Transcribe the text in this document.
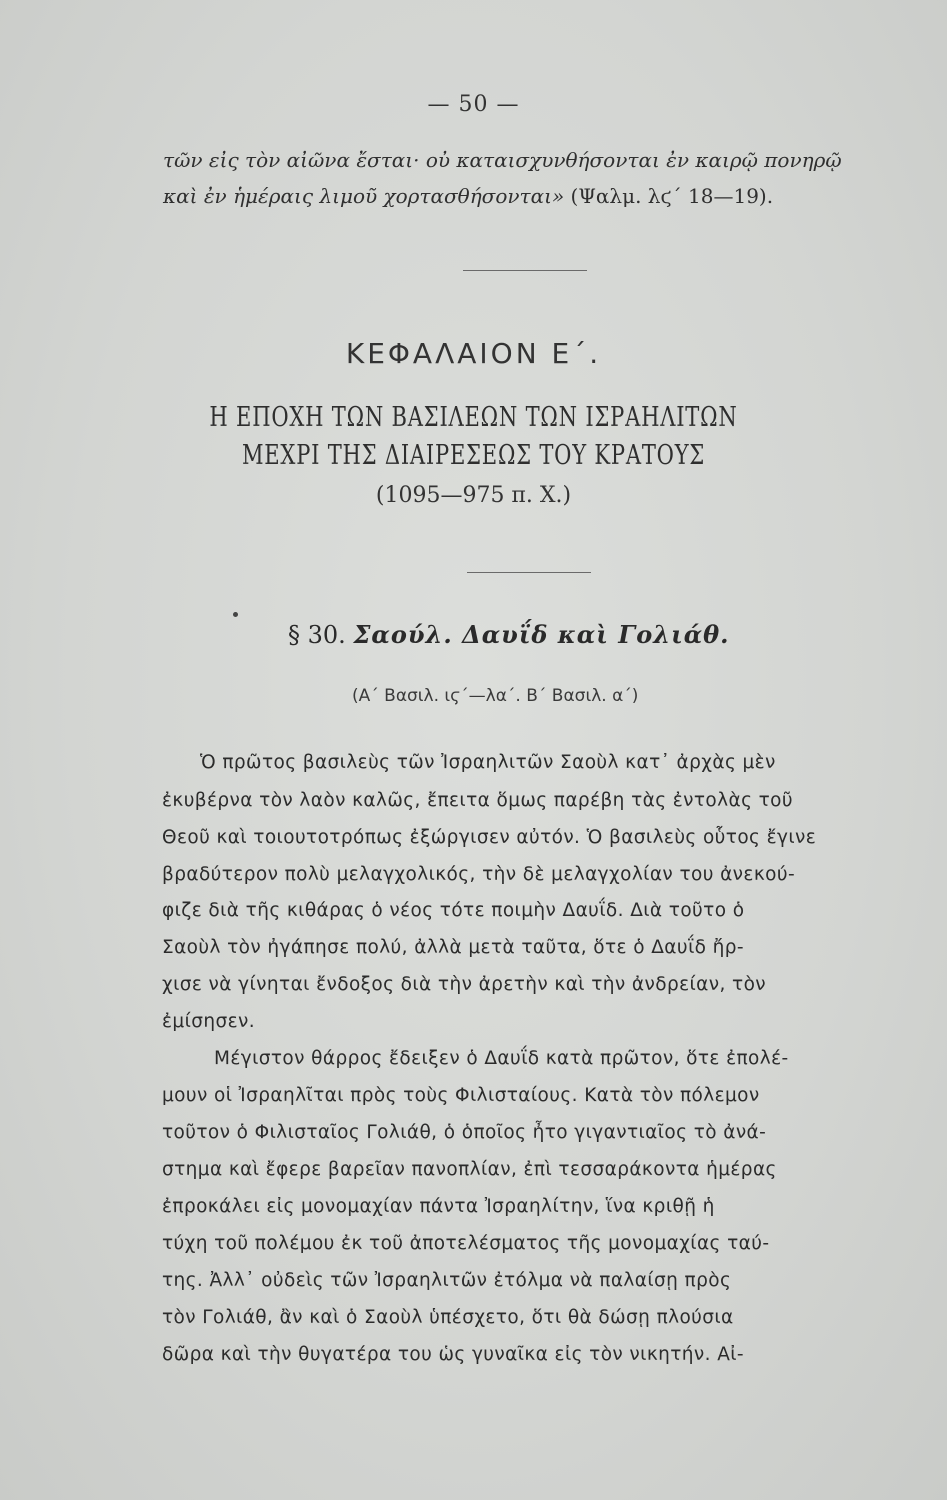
— 50 —
τῶν εἰς τὸν αἰῶνα ἔσται· οὐ καταισχυνθήσονται ἐν καιρῷ πονηρῷ
καὶ ἐν ἡμέραις λιμοῦ χορτασθήσονται» (Ψαλμ. λϛ΄ 18—19).
ΚΕΦΑΛΑΙΟΝ Ε΄.
Η ΕΠΟΧΗ ΤΩΝ ΒΑΣΙΛΕΩΝ ΤΩΝ ΙΣΡΑΗΛΙΤΩΝ
ΜΕΧΡΙ ΤΗΣ ΔΙΑΙΡΕΣΕΩΣ ΤΟΥ ΚΡΑΤΟΥΣ
(1095—975 π. Χ.)
§ 30. Σαούλ. Δαυΐδ καὶ Γολιάθ.
(Α΄ Βασιλ. ιϛ΄—λα΄. Β΄ Βασιλ. α΄)
Ὁ πρῶτος βασιλεὺς τῶν Ἰσραηλιτῶν Σαοὺλ κατ᾽ ἀρχὰς μὲν
ἐκυβέρνα τὸν λαὸν καλῶς, ἔπειτα ὅμως παρέβη τὰς ἐντολὰς τοῦ
Θεοῦ καὶ τοιουτοτρόπως ἐξώργισεν αὐτόν. Ὁ βασιλεὺς οὗτος ἔγινε
βραδύτερον πολὺ μελαγχολικός, τὴν δὲ μελαγχολίαν του ἀνεκού-
φιζε διὰ τῆς κιθάρας ὁ νέος τότε ποιμὴν Δαυΐδ. Διὰ τοῦτο ὁ
Σαοὺλ τὸν ἠγάπησε πολύ, ἀλλὰ μετὰ ταῦτα, ὅτε ὁ Δαυΐδ ἤρ-
χισε νὰ γίνηται ἔνδοξος διὰ τὴν ἀρετὴν καὶ τὴν ἀνδρείαν, τὸν
ἐμίσησεν.
Μέγιστον θάρρος ἔδειξεν ὁ Δαυΐδ κατὰ πρῶτον, ὅτε ἐπολέ-
μουν οἱ Ἰσραηλῖται πρὸς τοὺς Φιλισταίους. Κατὰ τὸν πόλεμον
τοῦτον ὁ Φιλισταῖος Γολιάθ, ὁ ὁποῖος ἦτο γιγαντιαῖος τὸ ἀνά-
στημα καὶ ἔφερε βαρεῖαν πανοπλίαν, ἐπὶ τεσσαράκοντα ἡμέρας
ἐπροκάλει εἰς μονομαχίαν πάντα Ἰσραηλίτην, ἵνα κριθῇ ἡ
τύχη τοῦ πολέμου ἐκ τοῦ ἀποτελέσματος τῆς μονομαχίας ταύ-
της. Ἀλλ᾽ οὐδεὶς τῶν Ἰσραηλιτῶν ἐτόλμα νὰ παλαίσῃ πρὸς
τὸν Γολιάθ, ἂν καὶ ὁ Σαοὺλ ὑπέσχετο, ὅτι θὰ δώσῃ πλούσια
δῶρα καὶ τὴν θυγατέρα του ὡς γυναῖκα εἰς τὸν νικητήν. Αἰ-
